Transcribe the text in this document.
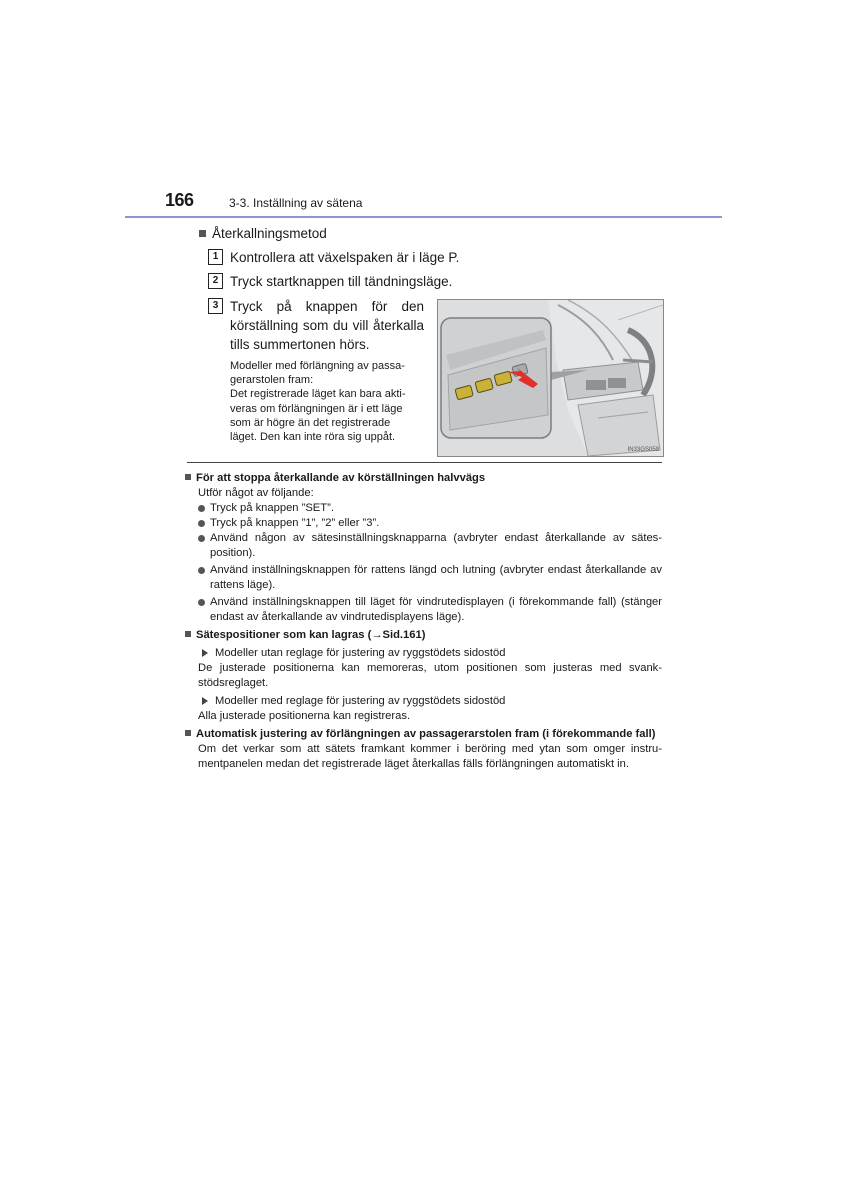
166	3-3. Inställning av sätena
Återkallningsmetod
1 Kontrollera att växelspaken är i läge P.
2 Tryck startknappen till tändningsläge.
3 Tryck på knappen för den
körställning som du vill återkalla
tills summertonen hörs.
Modeller med förlängning av passa-
gerarstolen fram:
Det registrerade läget kan bara akti-
veras om förlängningen är i ett läge
som är högre än det registrerade
läget. Den kan inte röra sig uppåt.
IN33GS059
För att stoppa återkallande av körställningen halvvägs
Utför något av följande:
Tryck på knappen ”SET”.
Tryck på knappen ”1”, ”2” eller ”3”.
Använd någon av sätesinställningsknapparna (avbryter endast återkallande av sätes-position).
Använd inställningsknappen för rattens längd och lutning (avbryter endast återkallande av rattens läge).
Använd inställningsknappen till läget för vindrutedisplayen (i förekommande fall) (stänger endast av återkallande av vindrutedisplayens läge).
Sätespositioner som kan lagras (→Sid.161)
Modeller utan reglage för justering av ryggstödets sidostöd
De justerade positionerna kan memoreras, utom positionen som justeras med svank-stödsreglaget.
Modeller med reglage för justering av ryggstödets sidostöd
Alla justerade positionerna kan registreras.
Automatisk justering av förlängningen av passagerarstolen fram (i förekommande fall)
Om det verkar som att sätets framkant kommer i beröring med ytan som omger instru-mentpanelen medan det registrerade läget återkallas fälls förlängningen automatiskt in.
